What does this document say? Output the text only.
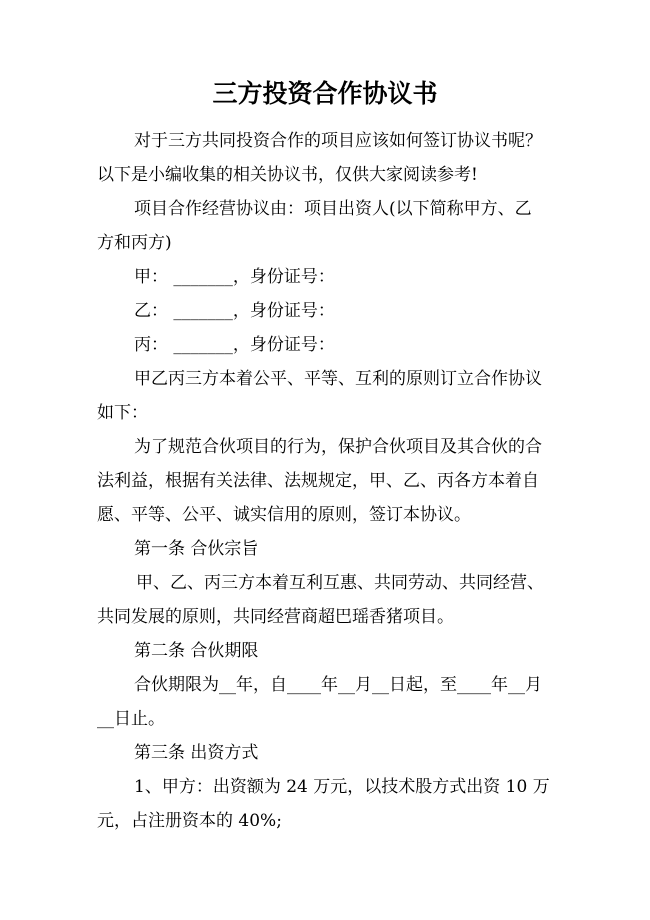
三方投资合作协议书
对于三方共同投资合作的项目应该如何签订协议书呢？
以下是小编收集的相关协议书，仅供大家阅读参考!
项目合作经营协议由：项目出资人(以下简称甲方、乙
方和丙方)
甲： _______，身份证号：
乙： _______，身份证号：
丙： _______，身份证号：
甲乙丙三方本着公平、平等、互利的原则订立合作协议
如下：
为了规范合伙项目的行为，保护合伙项目及其合伙的合
法利益，根据有关法律、法规规定，甲、乙、丙各方本着自
愿、平等、公平、诚实信用的原则，签订本协议。
第一条 合伙宗旨
甲、乙、丙三方本着互利互惠、共同劳动、共同经营、
共同发展的原则，共同经营商超巴瑶香猪项目。
第二条 合伙期限
合伙期限为__年，自____年__月__日起，至____年__月
__日止。
第三条 出资方式
1、甲方：出资额为 24 万元，以技术股方式出资 10 万
元，占注册资本的 40%;
